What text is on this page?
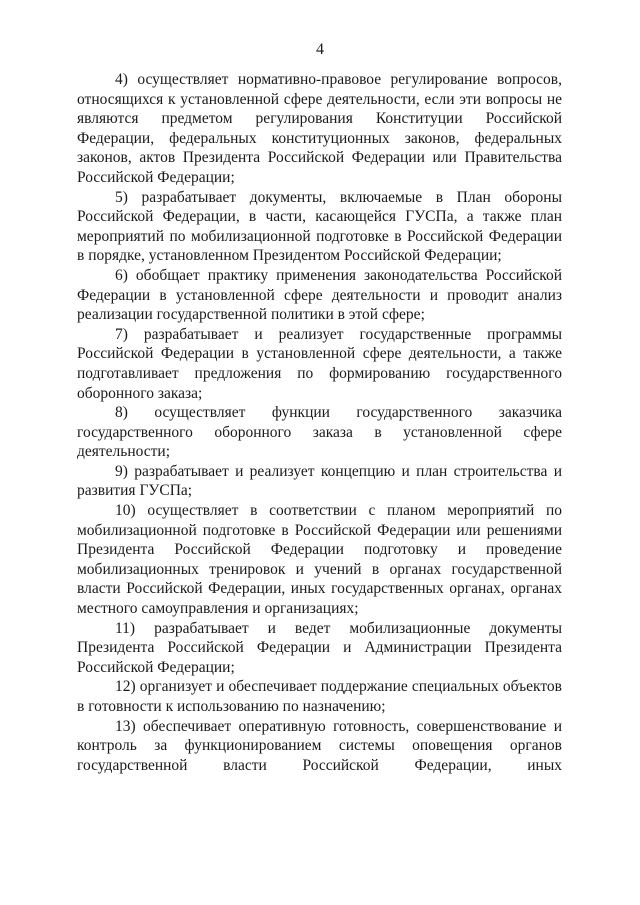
4

4) осуществляет нормативно-правовое регулирование вопросов, относящихся к установленной сфере деятельности, если эти вопросы не являются предметом регулирования Конституции Российской Федерации, федеральных конституционных законов, федеральных законов, актов Президента Российской Федерации или Правительства Российской Федерации;

5) разрабатывает документы, включаемые в План обороны Российской Федерации, в части, касающейся ГУСПа, а также план мероприятий по мобилизационной подготовке в Российской Федерации в порядке, установленном Президентом Российской Федерации;

6) обобщает практику применения законодательства Российской Федерации в установленной сфере деятельности и проводит анализ реализации государственной политики в этой сфере;

7) разрабатывает и реализует государственные программы Российской Федерации в установленной сфере деятельности, а также подготавливает предложения по формированию государственного оборонного заказа;

8) осуществляет функции государственного заказчика государственного оборонного заказа в установленной сфере деятельности;

9) разрабатывает и реализует концепцию и план строительства и развития ГУСПа;

10) осуществляет в соответствии с планом мероприятий по мобилизационной подготовке в Российской Федерации или решениями Президента Российской Федерации подготовку и проведение мобилизационных тренировок и учений в органах государственной власти Российской Федерации, иных государственных органах, органах местного самоуправления и организациях;

11) разрабатывает и ведет мобилизационные документы Президента Российской Федерации и Администрации Президента Российской Федерации;

12) организует и обеспечивает поддержание специальных объектов в готовности к использованию по назначению;

13) обеспечивает оперативную готовность, совершенствование и контроль за функционированием системы оповещения органов государственной власти Российской Федерации, иных
